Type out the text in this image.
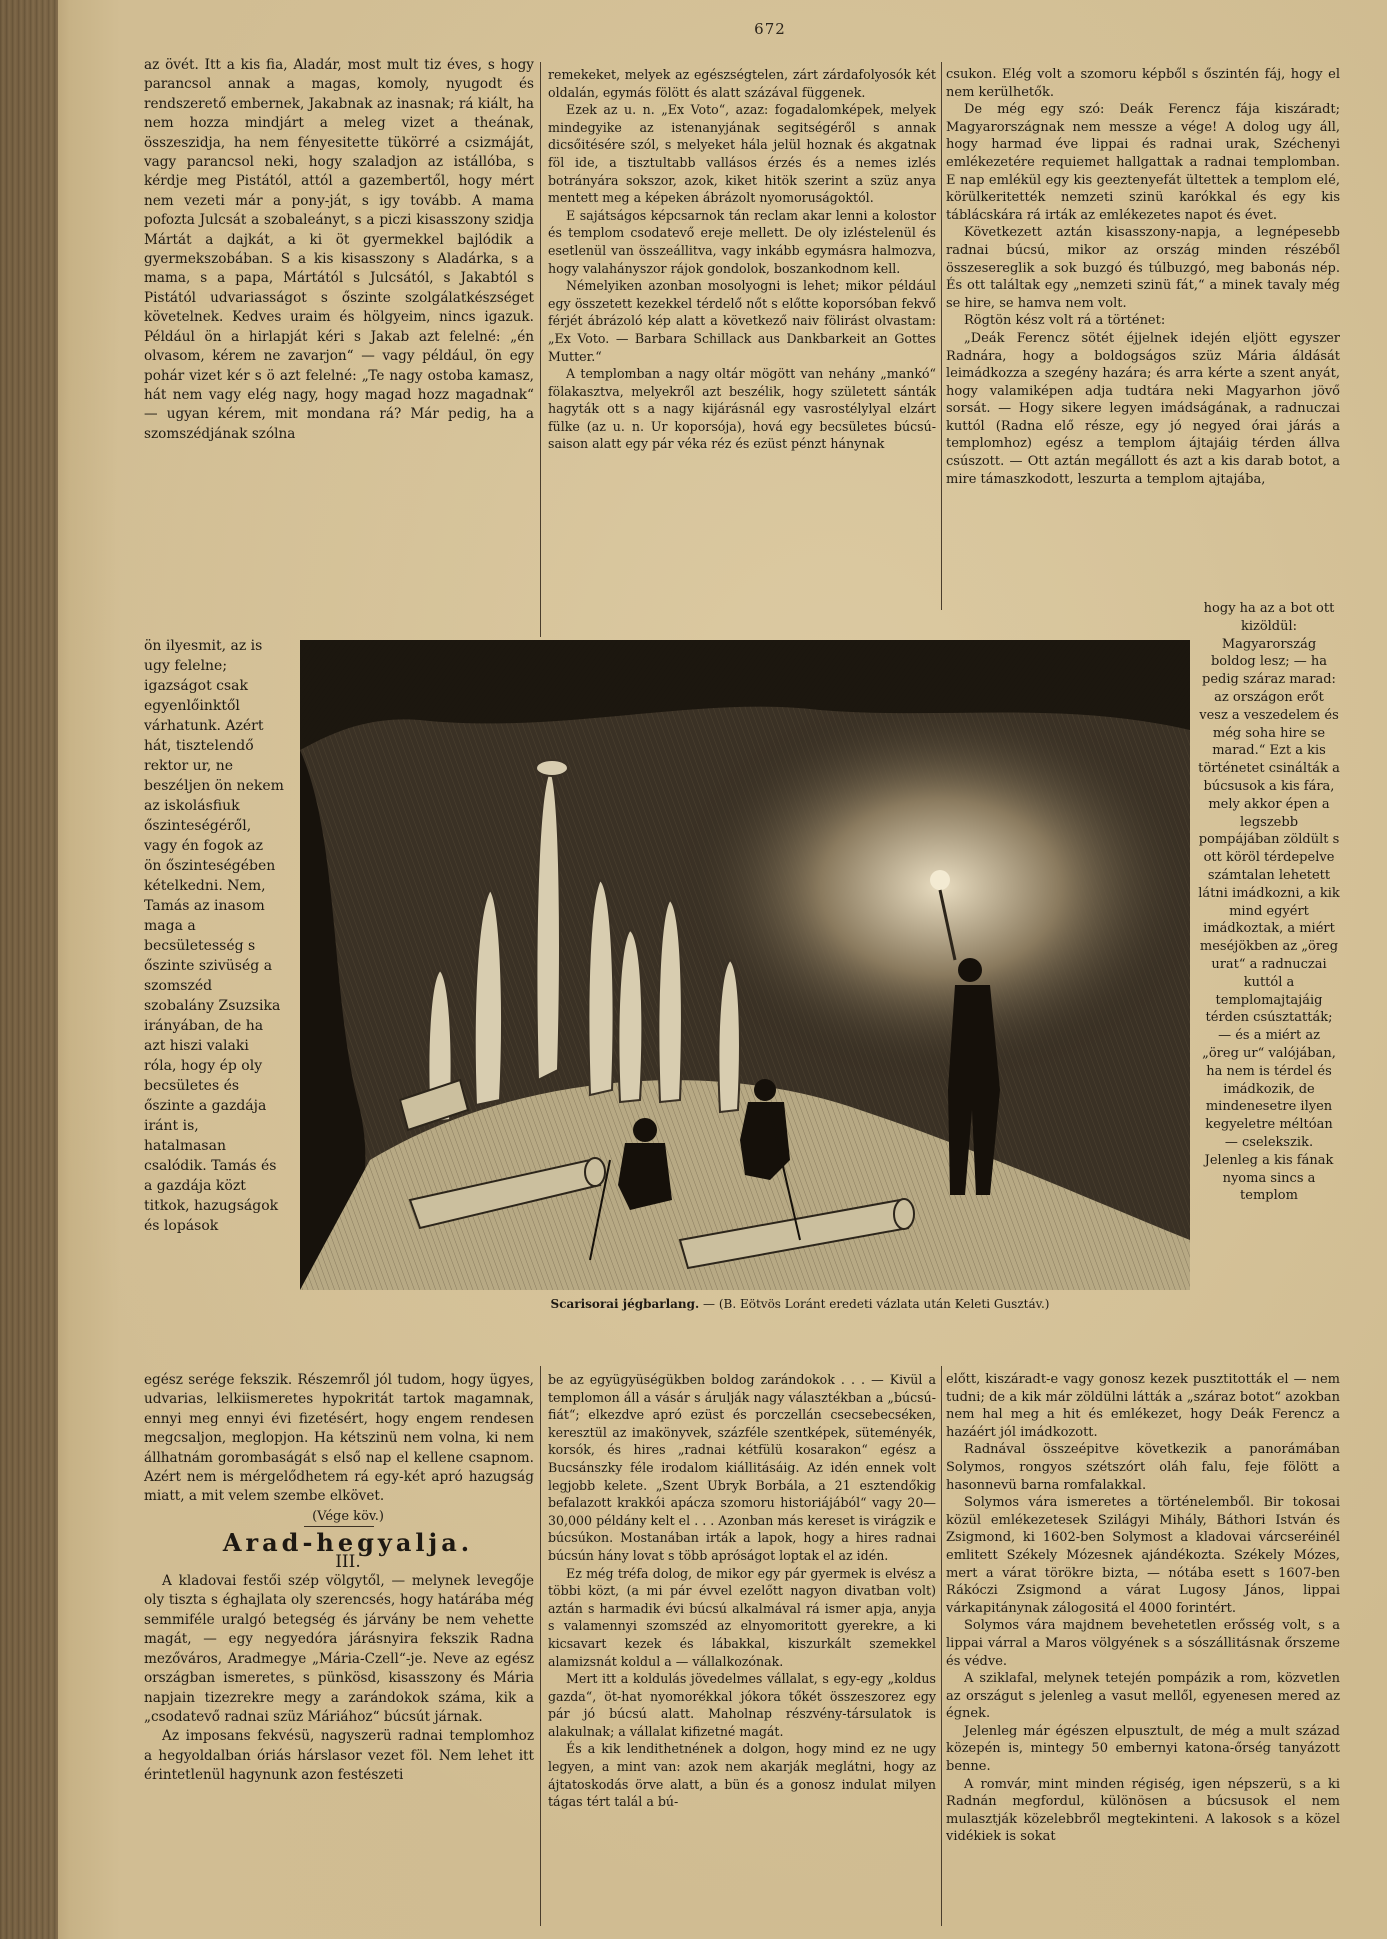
672

az övét. Itt a kis fia, Aladár, most mult tiz éves, s hogy parancsol annak a magas, komoly, nyugodt és rendszerető embernek, Jakabnak az inasnak; rá kiált, ha nem hozza mindjárt a meleg vizet a theának, összeszidja, ha nem fényesitette tükörré a csizmáját, vagy parancsol neki, hogy szaladjon az istállóba, s kérdje meg Pistától, attól a gazembertől, hogy mért nem vezeti már a pony-ját, s igy tovább. A mama pofozta Julcsát a szobaleányt, s a piczi kisasszony szidja Mártát a dajkát, a ki öt gyermekkel bajlódik a gyermekszobában. S a kis kisasszony s Aladárka, s a mama, s a papa, Mártától s Julcsától, s Jakabtól s Pistától udvariasságot s őszinte szolgálatkészséget követelnek. Kedves uraim és hölgyeim, nincs igazuk. Például ön a hirlapját kéri s Jakab azt felelné: „én olvasom, kérem ne zavarjon“ — vagy például, ön egy pohár vizet kér s ö azt felelné: „Te nagy ostoba kamasz, hát nem vagy elég nagy, hogy magad hozz magadnak“ — ugyan kérem, mit mondana rá? Már pedig, ha a szomszédjának szólna

ön ilyesmit, az is ugy felelne; igazságot csak egyenlőinktől várhatunk. Azért hát, tisztelendő rektor ur, ne beszéljen ön nekem az iskolásfiuk őszinteségéről, vagy én fogok az ön őszinteségében kételkedni. Nem, Tamás az inasom maga a becsületesség s őszinte szivüség a szomszéd szobalány Zsuzsika irányában, de ha azt hiszi valaki róla, hogy ép oly becsületes és őszinte a gazdája iránt is, hatalmasan csalódik. Tamás és a gazdája közt titkok, hazugságok és lopások

egész serége fekszik. Részemről jól tudom, hogy ügyes, udvarias, lelkiismeretes hypokritát tartok magamnak, ennyi meg ennyi évi fizetésért, hogy engem rendesen megcsaljon, meglopjon. Ha kétszinü nem volna, ki nem állhatnám gorombaságát s első nap el kellene csapnom. Azért nem is mérgelődhetem rá egy-két apró hazugság miatt, a mit velem szembe elkövet.

(Vége köv.)

Arad-hegyalja.

III.

A kladovai festői szép völgytől, — melynek levegője oly tiszta s éghajlata oly szerencsés, hogy határába még semmiféle uralgó betegség és járvány be nem vehette magát, — egy negyedóra járásnyira fekszik Radna mezőváros, Aradmegye „Mária-Czell“-je. Neve az egész országban ismeretes, s pünkösd, kisasszony és Mária napjain tizezrekre megy a zarándokok száma, kik a „csodatevő radnai szüz Máriához“ búcsút járnak.

Az imposans fekvésü, nagyszerü radnai templomhoz a hegyoldalban óriás hárslasor vezet föl. Nem lehet itt érintetlenül hagynunk azon festészeti

remekeket, melyek az egészségtelen, zárt zárdafolyosók két oldalán, egymás fölött és alatt százával függenek.

Ezek az u. n. „Ex Voto“, azaz: fogadalomképek, melyek mindegyike az istenanyjának segitségéről s annak dicsőitésére szól, s melyeket hála jelül hoznak és akgatnak föl ide, a tisztultabb vallásos érzés és a nemes izlés botrányára sokszor, azok, kiket hitök szerint a szüz anya mentett meg a képeken ábrázolt nyomoruságoktól.

E sajátságos képcsarnok tán reclam akar lenni a kolostor és templom csodatevő ereje mellett. De oly izléstelenül és esetlenül van összeállitva, vagy inkább egymásra halmozva, hogy valahányszor rájok gondolok, boszankodnom kell.

Némelyiken azonban mosolyogni is lehet; mikor például egy összetett kezekkel térdelő nőt s előtte koporsóban fekvő férjét ábrázoló kép alatt a következő naiv fölirást olvastam: „Ex Voto. — Barbara Schillack aus Dankbarkeit an Gottes Mutter.“

A templomban a nagy oltár mögött van nehány „mankó“ fölakasztva, melyekről azt beszélik, hogy született sánták hagyták ott s a nagy kijárásnál egy vasrostélylyal elzárt fülke (az u. n. Ur koporsója), hová egy becsületes búcsú-saison alatt egy pár véka réz és ezüst pénzt hánynak

csukon. Elég volt a szomoru képből s őszintén fáj, hogy el nem kerülhetők.

De még egy szó: Deák Ferencz fája kiszáradt; Magyarországnak nem messze a vége! A dolog ugy áll, hogy harmad éve lippai és radnai urak, Széchenyi emlékezetére requiemet hallgattak a radnai templomban. E nap emlékül egy kis geeztenyefát ültettek a templom elé, körülkeritették nemzeti szinü karókkal és egy kis táblácskára rá irták az emlékezetes napot és évet.

Következett aztán kisasszony-napja, a legnépesebb radnai búcsú, mikor az ország minden részéből összesereglik a sok buzgó és túlbuzgó, meg babonás nép. És ott találtak egy „nemzeti szinü fát,“ a minek tavaly még se hire, se hamva nem volt.

Rögtön kész volt rá a történet:

„Deák Ferencz sötét éjjelnek idején eljött egyszer Radnára, hogy a boldogságos szüz Mária áldását leimádkozza a szegény hazára; és arra kérte a szent anyát, hogy valamiképen adja tudtára neki Magyarhon jövő sorsát. — Hogy sikere legyen imádságának, a radnuczai kuttól (Radna elő része, egy jó negyed órai járás a templomhoz) egész a templom ájtajáig térden állva csúszott. — Ott aztán megállott és azt a kis darab botot, a mire támaszkodott, leszurta a templom ajtajába,

hogy ha az a bot ott kizöldül: Magyarország boldog lesz; — ha pedig száraz marad: az országon erőt vesz a veszedelem és még soha hire se marad.“ Ezt a kis történetet csinálták a búcsusok a kis fára, mely akkor épen a legszebb pompájában zöldült s ott köröl térdepelve számtalan lehetett látni imádkozni, a kik mind egyért imádkoztak, a miért meséjökben az „öreg urat“ a radnuczai kuttól a templomajtajáig térden csúsztatták; — és a miért az „öreg ur“ valójában, ha nem is térdel és imádkozik, de mindenesetre ilyen kegyeletre méltóan — cselekszik. Jelenleg a kis fának nyoma sincs a templom

Scarisorai jégbarlang. — (B. Eötvös Loránt eredeti vázlata után Keleti Gusztáv.)

be az együgyüségükben boldog zarándokok . . . — Kivül a templomon áll a vásár s árulják nagy választékban a „búcsú-fiát“; elkezdve apró ezüst és porczellán csecsebecséken, keresztül az imakönyvek, százféle szentképek, süteményék, korsók, és hires „radnai kétfülü kosarakon“ egész a Bucsánszky féle irodalom kiállitásáig. Az idén ennek volt legjobb kelete. „Szent Ubryk Borbála, a 21 esztendőkig befalazott krakkói apácza szomoru historiájából“ vagy 20—30,000 példány kelt el . . . Azonban más kereset is virágzik e búcsúkon. Mostanában irták a lapok, hogy a hires radnai búcsún hány lovat s több apróságot loptak el az idén.

Ez még tréfa dolog, de mikor egy pár gyermek is elvész a többi közt, (a mi pár évvel ezelőtt nagyon divatban volt) aztán s harmadik évi búcsú alkalmával rá ismer apja, anyja s valamennyi szomszéd az elnyomoritott gyerekre, a ki kicsavart kezek és lábakkal, kiszurkált szemekkel alamizsnát koldul a — vállalkozónak.

Mert itt a koldulás jövedelmes vállalat, s egy-egy „koldus gazda“, öt-hat nyomorékkal jókora tőkét összeszorez egy pár jó búcsú alatt. Maholnap részvény-társulatok is alakulnak; a vállalat kifizetné magát.

És a kik lendithetnének a dolgon, hogy mind ez ne ugy legyen, a mint van: azok nem akarják meglátni, hogy az ájtatoskodás örve alatt, a bün és a gonosz indulat milyen tágas tért talál a bú-

előtt, kiszáradt-e vagy gonosz kezek pusztitották el — nem tudni; de a kik már zöldülni látták a „száraz botot“ azokban nem hal meg a hit és emlékezet, hogy Deák Ferencz a hazáért jól imádkozott.

Radnával összeépitve következik a panorámában Solymos, rongyos szétszórt oláh falu, feje fölött a hasonnevü barna romfalakkal.

Solymos vára ismeretes a történelemből. Bir tokosai közül emlékezetesek Szilágyi Mihály, Báthori István és Zsigmond, ki 1602-ben Solymost a kladovai várcseréinél emlitett Székely Mózesnek ajándékozta. Székely Mózes, mert a várat törökre bizta, — nótába esett s 1607-ben Rákóczi Zsigmond a várat Lugosy János, lippai várkapitánynak zálogositá el 4000 forintért.

Solymos vára majdnem bevehetetlen erősség volt, s a lippai várral a Maros völgyének s a sószállitásnak őrszeme és védve.

A sziklafal, melynek tetején pompázik a rom, közvetlen az országut s jelenleg a vasut mellől, egyenesen mered az égnek.

Jelenleg már égészen elpusztult, de még a mult század közepén is, mintegy 50 embernyi katona-őrség tanyázott benne.

A romvár, mint minden régiség, igen népszerü, s a ki Radnán megfordul, különösen a búcsusok el nem mulasztják közelebbről megtekinteni. A lakosok s a közel vidékiek is sokat
